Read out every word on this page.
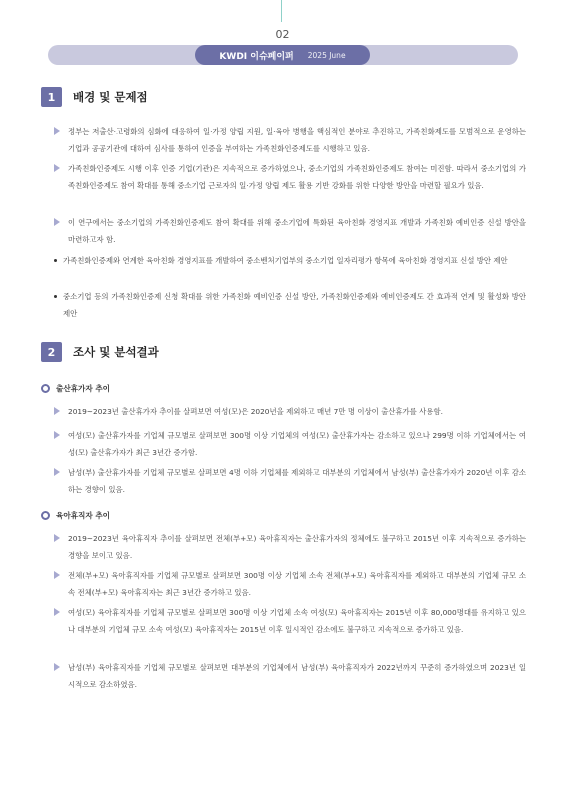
02
KWDI 이슈페이퍼 2025 June
1	배경 및 문제점
정부는 저출산·고령화의 심화에 대응하여 일·가정 양립 지원, 일·육아 병행을 핵심적인 분야로 추진하고, 가족친화제도를 모범적으로 운영하는 기업과 공공기관에 대하여 심사를 통하여 인증을 부여하는 가족친화인증제도를 시행하고 있음.
가족친화인증제도 시행 이후 인증 기업(기관)은 지속적으로 증가하였으나, 중소기업의 가족친화인증제도 참여는 미진함. 따라서 중소기업의 가족친화인증제도 참여 확대를 통해 중소기업 근로자의 일·가정 양립 제도 활용 기반 강화를 위한 다양한 방안을 마련할 필요가 있음.
이 연구에서는 중소기업의 가족친화인증제도 참여 확대를 위해 중소기업에 특화된 육아친화 경영지표 개발과 가족친화 예비인증 신설 방안을 마련하고자 함.
가족친화인증제와 연계한 육아친화 경영지표를 개발하여 중소벤처기업부의 중소기업 일자리평가 항목에 육아친화 경영지표 신설 방안 제안
중소기업 등의 가족친화인증제 신청 확대를 위한 가족친화 예비인증 신설 방안, 가족친화인증제와 예비인증제도 간 효과적 연계 및 활성화 방안 제안
2	조사 및 분석결과
출산휴가자 추이
2019~2023년 출산휴가자 추이를 살펴보면 여성(모)은 2020년을 제외하고 매년 7만 명 이상이 출산휴가를 사용함.
여성(모) 출산휴가자를 기업체 규모별로 살펴보면 300명 이상 기업체의 여성(모) 출산휴가자는 감소하고 있으나 299명 이하 기업체에서는 여성(모) 출산휴가자가 최근 3년간 증가함.
남성(부) 출산휴가자를 기업체 규모별로 살펴보면 4명 이하 기업체를 제외하고 대부분의 기업체에서 남성(부) 출산휴가자가 2020년 이후 감소하는 경향이 있음.
육아휴직자 추이
2019~2023년 육아휴직자 추이를 살펴보면 전체(부+모) 육아휴직자는 출산휴가자의 정체에도 불구하고 2015년 이후 지속적으로 증가하는 경향을 보이고 있음.
전체(부+모) 육아휴직자를 기업체 규모별로 살펴보면 300명 이상 기업체 소속 전체(부+모) 육아휴직자를 제외하고 대부분의 기업체 규모 소속 전체(부+모) 육아휴직자는 최근 3년간 증가하고 있음.
여성(모) 육아휴직자를 기업체 규모별로 살펴보면 300명 이상 기업체 소속 여성(모) 육아휴직자는 2015년 이후 80,000명대를 유지하고 있으나 대부분의 기업체 규모 소속 여성(모) 육아휴직자는 2015년 이후 일시적인 감소에도 불구하고 지속적으로 증가하고 있음.
남성(부) 육아휴직자를 기업체 규모별로 살펴보면 대부분의 기업체에서 남성(부) 육아휴직자가 2022년까지 꾸준히 증가하였으며 2023년 일시적으로 감소하였음.
